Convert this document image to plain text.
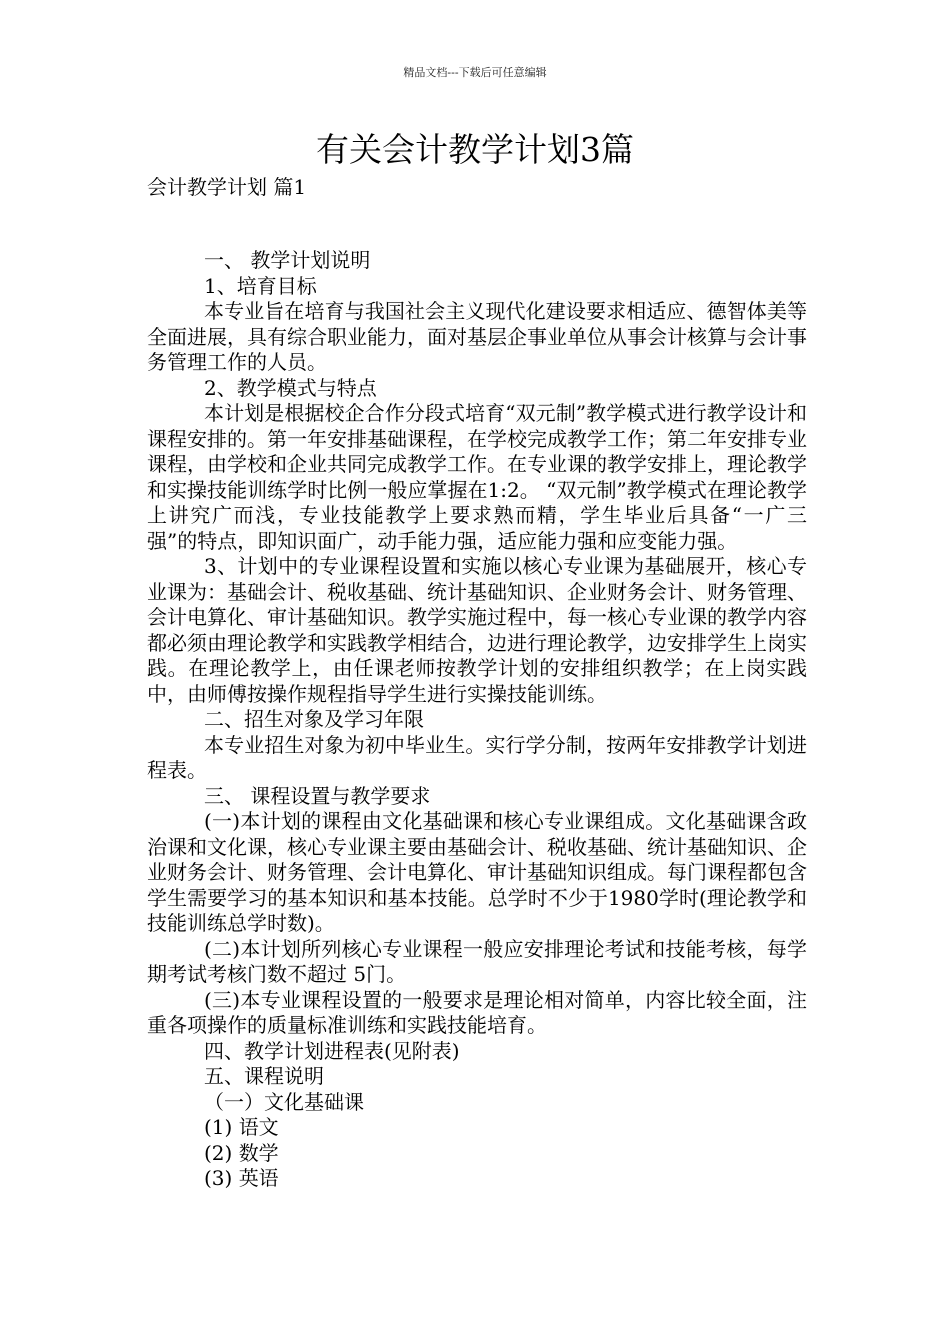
精品文档---下载后可任意编辑
有关会计教学计划3篇

会计教学计划 篇1

一、 教学计划说明

1、培育目标

本专业旨在培育与我国社会主义现代化建设要求相适应、德智体美等全面进展，具有综合职业能力，面对基层企事业单位从事会计核算与会计事务管理工作的人员。

2、教学模式与特点

本计划是根据校企合作分段式培育“双元制”教学模式进行教学设计和课程安排的。第一年安排基础课程，在学校完成教学工作；第二年安排专业课程，由学校和企业共同完成教学工作。在专业课的教学安排上，理论教学和实操技能训练学时比例一般应掌握在1:2。 “双元制”教学模式在理论教学上讲究广而浅，专业技能教学上要求熟而精，学生毕业后具备“一广三强”的特点，即知识面广，动手能力强，适应能力强和应变能力强。

3、计划中的专业课程设置和实施以核心专业课为基础展开，核心专业课为：基础会计、税收基础、统计基础知识、企业财务会计、财务管理、会计电算化、审计基础知识。教学实施过程中，每一核心专业课的教学内容都必须由理论教学和实践教学相结合，边进行理论教学，边安排学生上岗实践。在理论教学上，由任课老师按教学计划的安排组织教学；在上岗实践中，由师傅按操作规程指导学生进行实操技能训练。

二、招生对象及学习年限

本专业招生对象为初中毕业生。实行学分制，按两年安排教学计划进程表。

三、 课程设置与教学要求

(一)本计划的课程由文化基础课和核心专业课组成。文化基础课含政治课和文化课，核心专业课主要由基础会计、税收基础、统计基础知识、企业财务会计、财务管理、会计电算化、审计基础知识组成。每门课程都包含学生需要学习的基本知识和基本技能。总学时不少于1980学时(理论教学和技能训练总学时数)。

(二)本计划所列核心专业课程一般应安排理论考试和技能考核，每学期考试考核门数不超过 5门。

(三)本专业课程设置的一般要求是理论相对简单，内容比较全面，注重各项操作的质量标准训练和实践技能培育。

四、教学计划进程表(见附表)

五、课程说明

（一）文化基础课

(1) 语文

(2) 数学

(3) 英语
